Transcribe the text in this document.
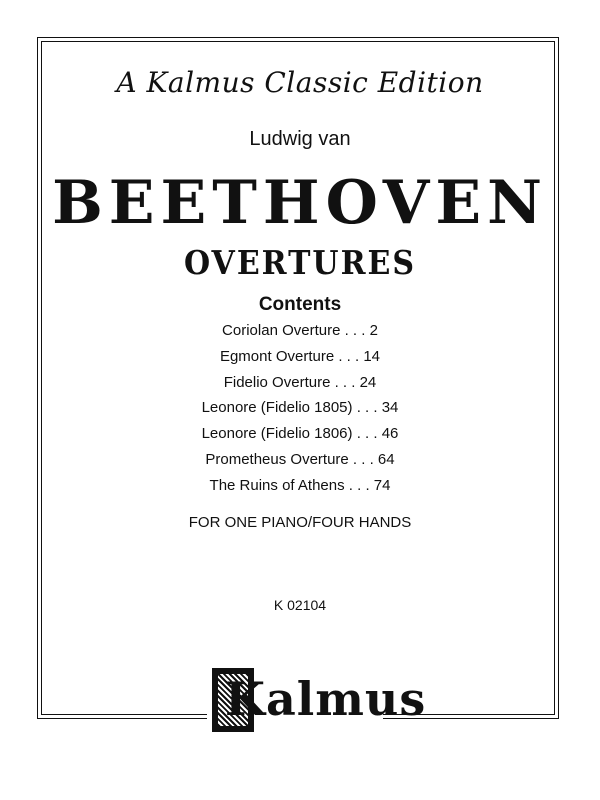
A Kalmus Classic Edition
Ludwig van
BEETHOVEN
OVERTURES
Contents
Coriolan Overture . . . 2
Egmont Overture . . . 14
Fidelio Overture . . . 24
Leonore (Fidelio 1805) . . . 34
Leonore (Fidelio 1806) . . . 46
Prometheus Overture . . . 64
The Ruins of Athens . . . 74
FOR ONE PIANO/FOUR HANDS
K 02104
Kalmus
